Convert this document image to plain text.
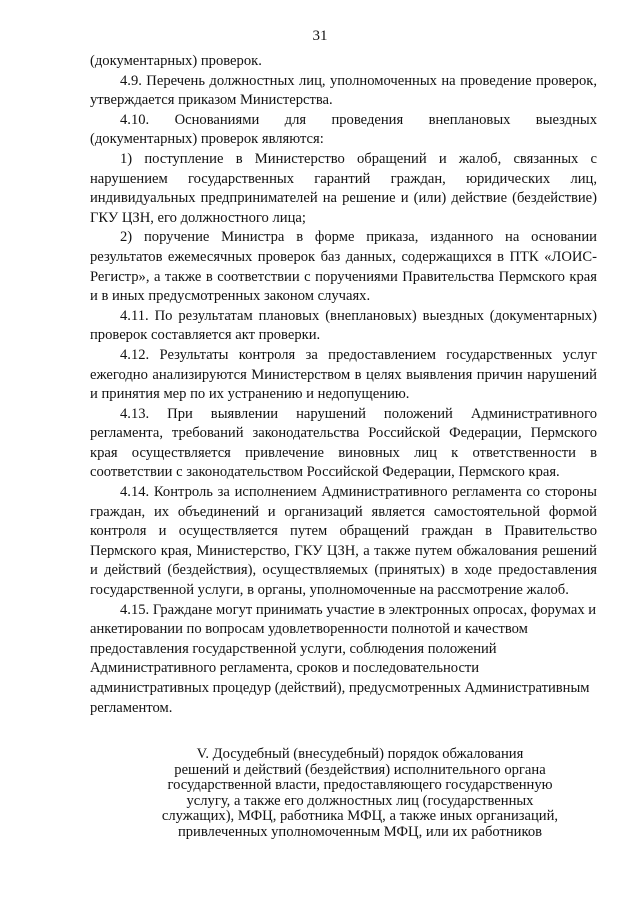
31

(документарных) проверок.

4.9. Перечень должностных лиц, уполномоченных на проведение проверок, утверждается приказом Министерства.

4.10. Основаниями для проведения внеплановых выездных (документарных) проверок являются:

1) поступление в Министерство обращений и жалоб, связанных с нарушением государственных гарантий граждан, юридических лиц, индивидуальных предпринимателей на решение и (или) действие (бездействие) ГКУ ЦЗН, его должностного лица;

2) поручение Министра в форме приказа, изданного на основании результатов ежемесячных проверок баз данных, содержащихся в ПТК «ЛОИС-Регистр», а также в соответствии с поручениями Правительства Пермского края и в иных предусмотренных законом случаях.

4.11. По результатам плановых (внеплановых) выездных (документарных) проверок составляется акт проверки.

4.12. Результаты контроля за предоставлением государственных услуг ежегодно анализируются Министерством в целях выявления причин нарушений и принятия мер по их устранению и недопущению.

4.13. При выявлении нарушений положений Административного регламента, требований законодательства Российской Федерации, Пермского края осуществляется привлечение виновных лиц к ответственности в соответствии с законодательством Российской Федерации, Пермского края.

4.14. Контроль за исполнением Административного регламента со стороны граждан, их объединений и организаций является самостоятельной формой контроля и осуществляется путем обращений граждан в Правительство Пермского края, Министерство, ГКУ ЦЗН, а также путем обжалования решений и действий (бездействия), осуществляемых (принятых) в ходе предоставления государственной услуги, в органы, уполномоченные на рассмотрение жалоб.

4.15. Граждане могут принимать участие в электронных опросах, форумах и анкетировании по вопросам удовлетворенности полнотой и качеством предоставления государственной услуги, соблюдения положений Административного регламента, сроков и последовательности административных процедур (действий), предусмотренных Административным регламентом.

V. Досудебный (внесудебный) порядок обжалования
решений и действий (бездействия) исполнительного органа
государственной власти, предоставляющего государственную
услугу, а также его должностных лиц (государственных
служащих), МФЦ, работника МФЦ, а также иных организаций,
привлеченных уполномоченным МФЦ, или их работников
